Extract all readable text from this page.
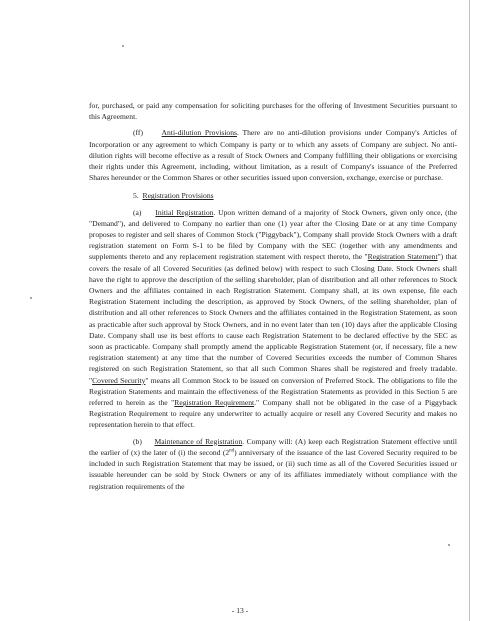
for, purchased, or paid any compensation for soliciting purchases for the offering of Investment Securities pursuant to this Agreement.

(ff) Anti-dilution Provisions. There are no anti-dilution provisions under Company's Articles of Incorporation or any agreement to which Company is party or to which any assets of Company are subject. No anti-dilution rights will become effective as a result of Stock Owners and Company fulfilling their obligations or exercising their rights under this Agreement, including, without limitation, as a result of Company's issuance of the Preferred Shares hereunder or the Common Shares or other securities issued upon conversion, exchange, exercise or purchase.

5. Registration Provisions

(a) Initial Registration. Upon written demand of a majority of Stock Owners, given only once, (the "Demand"), and delivered to Company no earlier than one (1) year after the Closing Date or at any time Company proposes to register and sell shares of Common Stock ("Piggyback"), Company shall provide Stock Owners with a draft registration statement on Form S-1 to be filed by Company with the SEC (together with any amendments and supplements thereto and any replacement registration statement with respect thereto, the "Registration Statement") that covers the resale of all Covered Securities (as defined below) with respect to such Closing Date. Stock Owners shall have the right to approve the description of the selling shareholder, plan of distribution and all other references to Stock Owners and the affiliates contained in each Registration Statement. Company shall, at its own expense, file each Registration Statement including the description, as approved by Stock Owners, of the selling shareholder, plan of distribution and all other references to Stock Owners and the affiliates contained in the Registration Statement, as soon as practicable after such approval by Stock Owners, and in no event later than ten (10) days after the applicable Closing Date. Company shall use its best efforts to cause each Registration Statement to be declared effective by the SEC as soon as practicable. Company shall promptly amend the applicable Registration Statement (or, if necessary, file a new registration statement) at any time that the number of Covered Securities exceeds the number of Common Shares registered on such Registration Statement, so that all such Common Shares shall be registered and freely tradable. "Covered Security" means all Common Stock to be issued on conversion of Preferred Stock. The obligations to file the Registration Statements and maintain the effectiveness of the Registration Statements as provided in this Section 5 are referred to herein as the "Registration Requirement." Company shall not be obligated in the case of a Piggyback Registration Requirement to require any underwriter to actually acquire or resell any Covered Security and makes no representation herein to that effect.

(b) Maintenance of Registration. Company will: (A) keep each Registration Statement effective until the earlier of (x) the later of (i) the second (2nd) anniversary of the issuance of the last Covered Security required to be included in such Registration Statement that may be issued, or (ii) such time as all of the Covered Securities issued or issuable hereunder can be sold by Stock Owners or any of its affiliates immediately without compliance with the registration requirements of the

- 13 -
